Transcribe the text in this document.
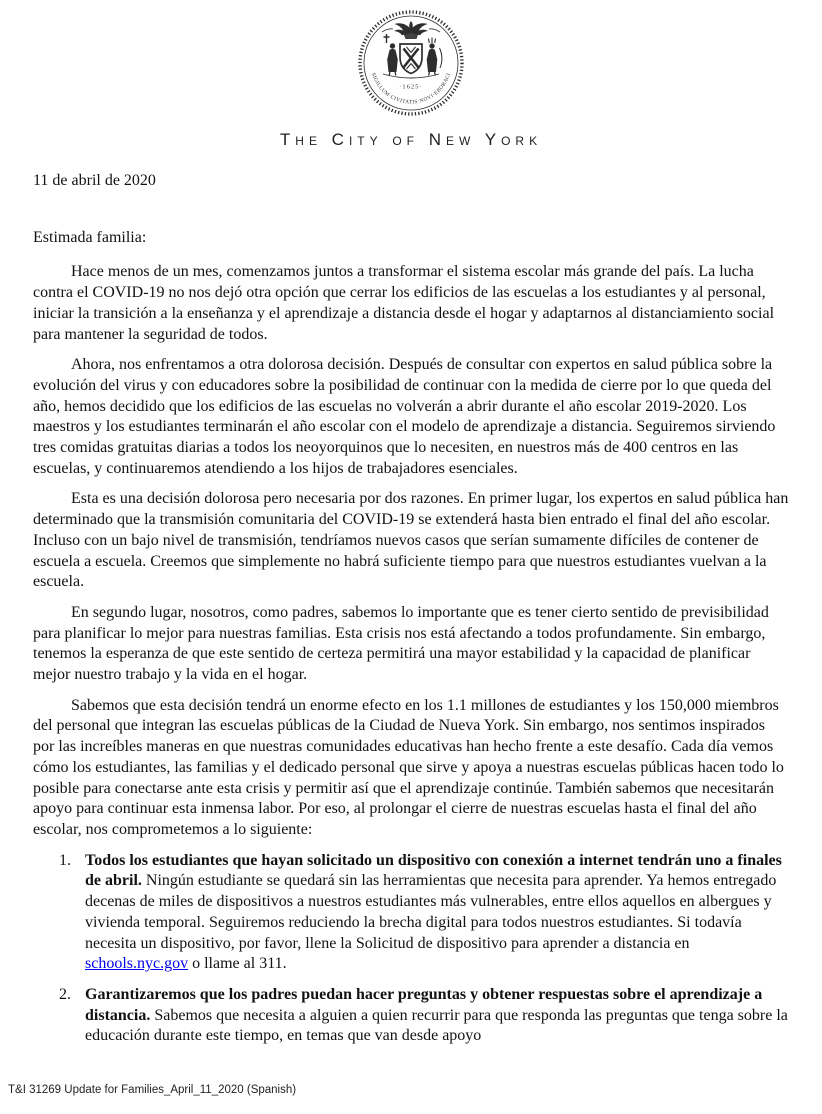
·1625·
SIGILLUM·CIVITATIS·NOVI·EBORACI
The City of New York
11 de abril de 2020
Estimada familia:

Hace menos de un mes, comenzamos juntos a transformar el sistema escolar más grande del país. La lucha contra el COVID-19 no nos dejó otra opción que cerrar los edificios de las escuelas a los estudiantes y al personal, iniciar la transición a la enseñanza y el aprendizaje a distancia desde el hogar y adaptarnos al distanciamiento social para mantener la seguridad de todos.

Ahora, nos enfrentamos a otra dolorosa decisión. Después de consultar con expertos en salud pública sobre la evolución del virus y con educadores sobre la posibilidad de continuar con la medida de cierre por lo que queda del año, hemos decidido que los edificios de las escuelas no volverán a abrir durante el año escolar 2019-2020. Los maestros y los estudiantes terminarán el año escolar con el modelo de aprendizaje a distancia. Seguiremos sirviendo tres comidas gratuitas diarias a todos los neoyorquinos que lo necesiten, en nuestros más de 400 centros en las escuelas, y continuaremos atendiendo a los hijos de trabajadores esenciales.

Esta es una decisión dolorosa pero necesaria por dos razones. En primer lugar, los expertos en salud pública han determinado que la transmisión comunitaria del COVID-19 se extenderá hasta bien entrado el final del año escolar. Incluso con un bajo nivel de transmisión, tendríamos nuevos casos que serían sumamente difíciles de contener de escuela a escuela. Creemos que simplemente no habrá suficiente tiempo para que nuestros estudiantes vuelvan a la escuela.

En segundo lugar, nosotros, como padres, sabemos lo importante que es tener cierto sentido de previsibilidad para planificar lo mejor para nuestras familias. Esta crisis nos está afectando a todos profundamente. Sin embargo, tenemos la esperanza de que este sentido de certeza permitirá una mayor estabilidad y la capacidad de planificar mejor nuestro trabajo y la vida en el hogar.

Sabemos que esta decisión tendrá un enorme efecto en los 1.1 millones de estudiantes y los 150,000 miembros del personal que integran las escuelas públicas de la Ciudad de Nueva York. Sin embargo, nos sentimos inspirados por las increíbles maneras en que nuestras comunidades educativas han hecho frente a este desafío. Cada día vemos cómo los estudiantes, las familias y el dedicado personal que sirve y apoya a nuestras escuelas públicas hacen todo lo posible para conectarse ante esta crisis y permitir así que el aprendizaje continúe. También sabemos que necesitarán apoyo para continuar esta inmensa labor. Por eso, al prolongar el cierre de nuestras escuelas hasta el final del año escolar, nos comprometemos a lo siguiente:

1. Todos los estudiantes que hayan solicitado un dispositivo con conexión a internet tendrán uno a finales de abril. Ningún estudiante se quedará sin las herramientas que necesita para aprender. Ya hemos entregado decenas de miles de dispositivos a nuestros estudiantes más vulnerables, entre ellos aquellos en albergues y vivienda temporal. Seguiremos reduciendo la brecha digital para todos nuestros estudiantes. Si todavía necesita un dispositivo, por favor, llene la Solicitud de dispositivo para aprender a distancia en schools.nyc.gov o llame al 311.
2. Garantizaremos que los padres puedan hacer preguntas y obtener respuestas sobre el aprendizaje a distancia. Sabemos que necesita a alguien a quien recurrir para que responda las preguntas que tenga sobre la educación durante este tiempo, en temas que van desde apoyo
T&I 31269 Update for Families_April_11_2020 (Spanish)
